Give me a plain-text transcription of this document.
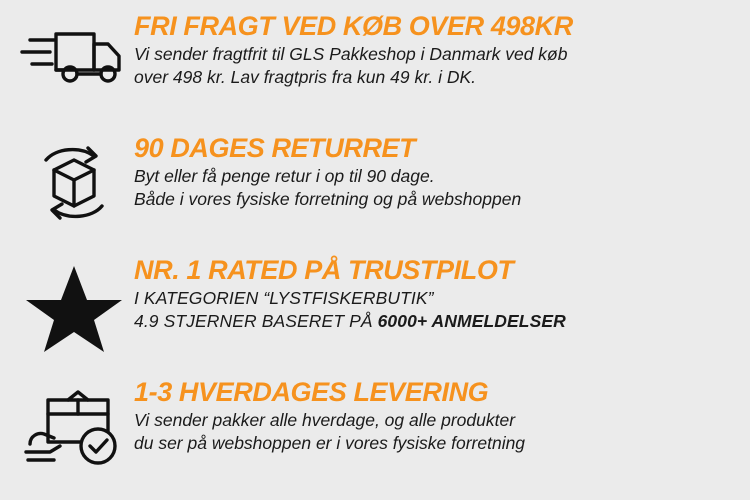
FRI FRAGT VED KØB OVER 498KR
Vi sender fragtfrit til GLS Pakkeshop i Danmark ved køb
over 498 kr. Lav fragtpris fra kun 49 kr. i DK.
90 DAGES RETURRET
Byt eller få penge retur i op til 90 dage.
Både i vores fysiske forretning og på webshoppen
NR. 1 RATED PÅ TRUSTPILOT
I KATEGORIEN “LYSTFISKERBUTIK”
4.9 STJERNER BASERET PÅ 6000+ ANMELDELSER
1-3 HVERDAGES LEVERING
Vi sender pakker alle hverdage, og alle produkter
du ser på webshoppen er i vores fysiske forretning
